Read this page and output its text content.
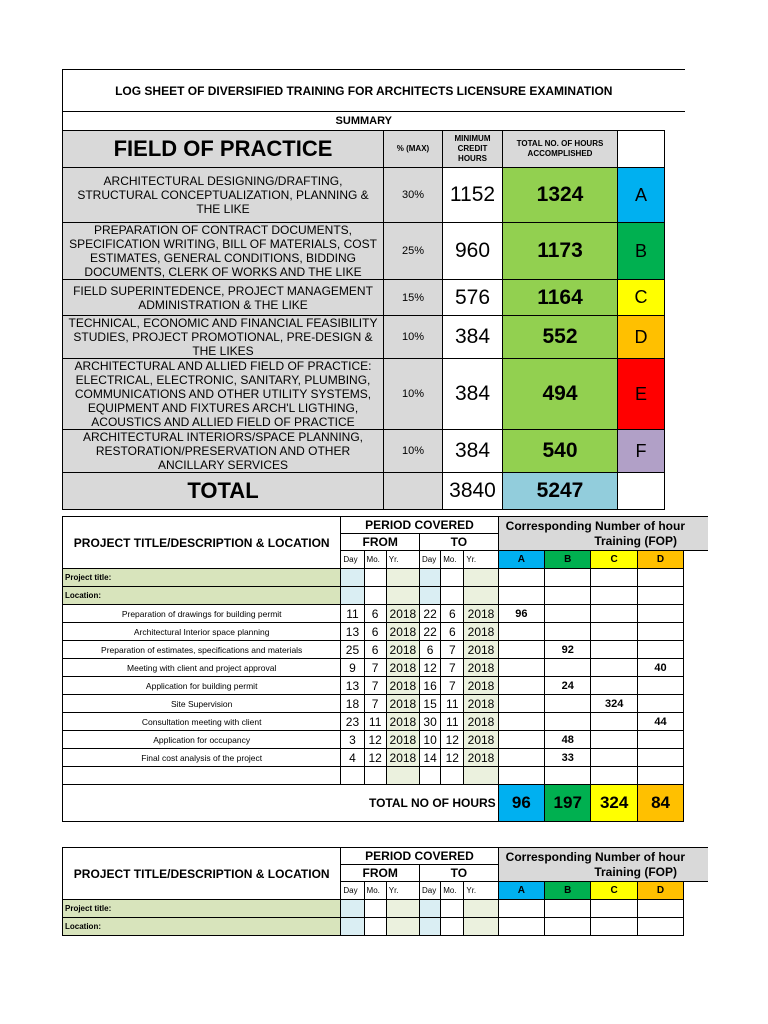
LOG SHEET OF DIVERSIFIED TRAINING FOR ARCHITECTS LICENSURE EXAMINATION					
SUMMARY					
FIELD OF PRACTICE	% (MAX)	MINIMUM CREDIT HOURS	TOTAL NO. OF HOURS ACCOMPLISHED		
ARCHITECTURAL DESIGNING/DRAFTING, STRUCTURAL CONCEPTUALIZATION, PLANNING & THE LIKE	30%	1152	1324	A	
PREPARATION OF CONTRACT DOCUMENTS, SPECIFICATION WRITING, BILL OF MATERIALS, COST ESTIMATES, GENERAL CONDITIONS, BIDDING DOCUMENTS, CLERK OF WORKS AND THE LIKE	25%	960	1173	B	
FIELD SUPERINTEDENCE, PROJECT MANAGEMENT ADMINISTRATION & THE LIKE	15%	576	1164	C	
TECHNICAL, ECONOMIC AND FINANCIAL FEASIBILITY STUDIES, PROJECT PROMOTIONAL, PRE-DESIGN & THE LIKES	10%	384	552	D	
ARCHITECTURAL AND ALLIED FIELD OF PRACTICE: ELECTRICAL, ELECTRONIC, SANITARY, PLUMBING, COMMUNICATIONS AND OTHER UTILITY SYSTEMS, EQUIPMENT AND FIXTURES ARCH'L LIGTHING, ACOUSTICS AND ALLIED FIELD OF PRACTICE	10%	384	494	E	
ARCHITECTURAL INTERIORS/SPACE PLANNING, RESTORATION/PRESERVATION AND OTHER ANCILLARY SERVICES	10%	384	540	F	
TOTAL		3840	5247		
PROJECT TITLE/DESCRIPTION & LOCATION	PERIOD COVERED						Corresponding Number of hour
Training (FOP)				

	FROM			TO							
	Day	Mo.	Yr.	Day	Mo.	Yr.	A	B	C	D	
Project title:											
Location:											
Preparation of drawings for building permit	11	6	2018	22	6	2018	96				
Architectural Interior space planning	13	6	2018	22	6	2018					
Preparation of estimates, specifications and materials	25	6	2018	6	7	2018		92			
Meeting with client and project approval	9	7	2018	12	7	2018				40	
Application for building permit	13	7	2018	16	7	2018		24			
Site Supervision	18	7	2018	15	11	2018			324		
Consultation meeting with client	23	11	2018	30	11	2018				44	
Application for occupancy	3	12	2018	10	12	2018		48			
Final cost analysis of the project	4	12	2018	14	12	2018		33			

TOTAL NO OF HOURS							96	197	324	84	
PROJECT TITLE/DESCRIPTION & LOCATION	PERIOD COVERED						Corresponding Number of hour
Training (FOP)				

	FROM			TO							
	Day	Mo.	Yr.	Day	Mo.	Yr.	A	B	C	D	
Project title:											
Location:											
